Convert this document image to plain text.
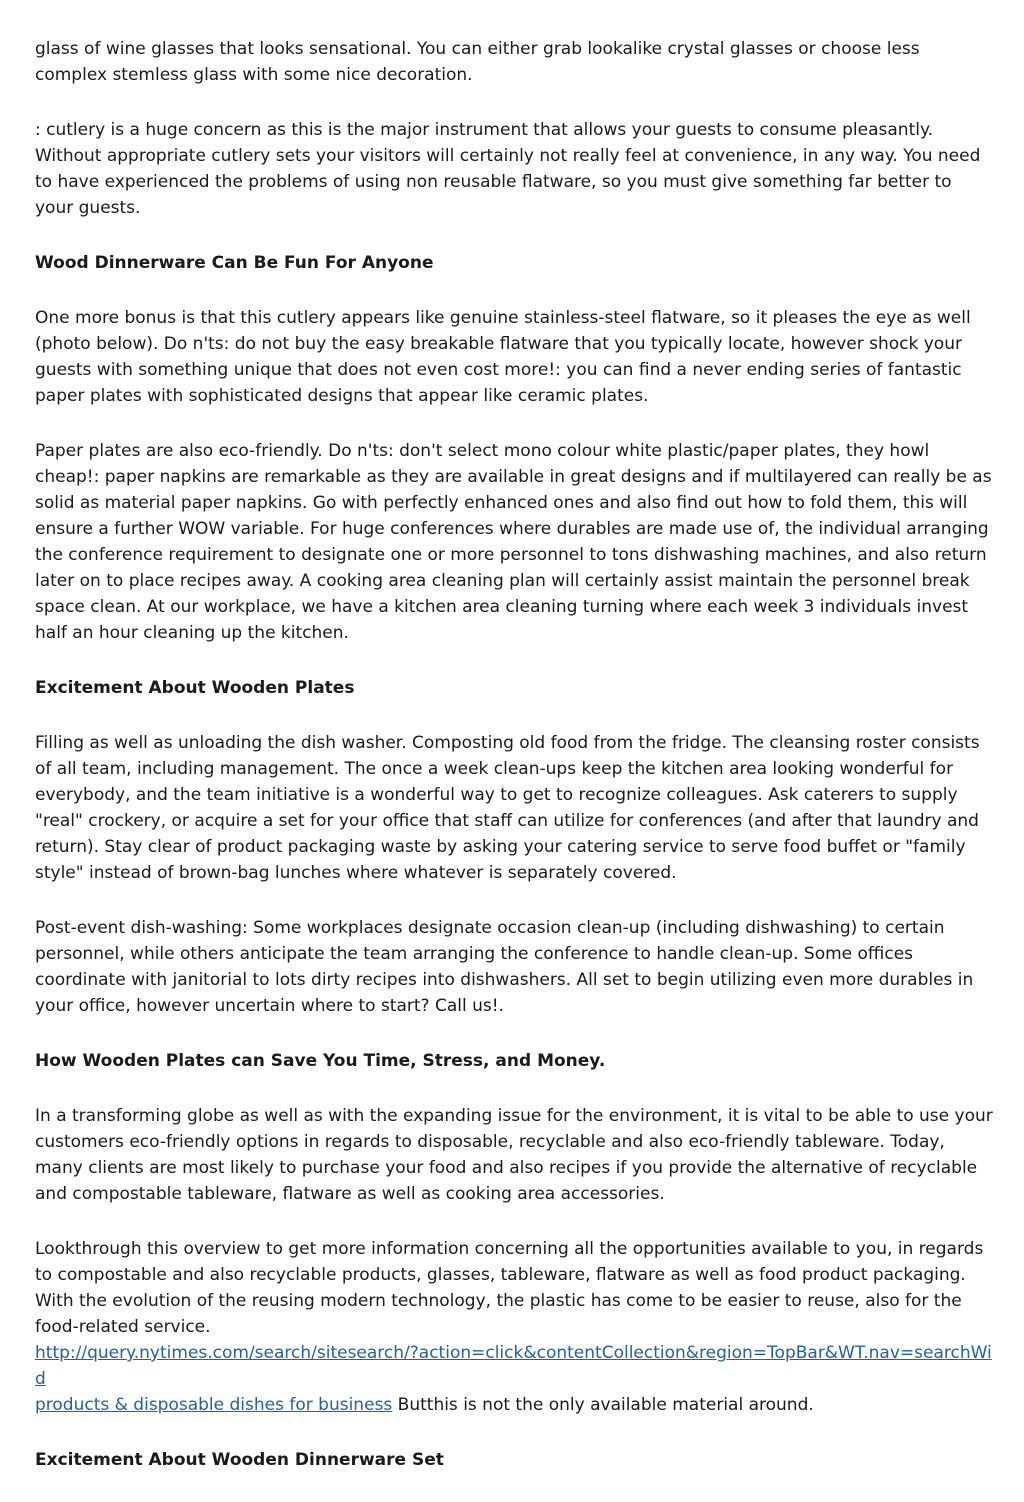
glass of wine glasses that looks sensational. You can either grab lookalike crystal glasses or choose less complex stemless glass with some nice decoration.

: cutlery is a huge concern as this is the major instrument that allows your guests to consume pleasantly. Without appropriate cutlery sets your visitors will certainly not really feel at convenience, in any way. You need to have experienced the problems of using non reusable flatware, so you must give something far better to your guests.

Wood Dinnerware Can Be Fun For Anyone

One more bonus is that this cutlery appears like genuine stainless-steel flatware, so it pleases the eye as well (photo below). Do n'ts: do not buy the easy breakable flatware that you typically locate, however shock your guests with something unique that does not even cost more!: you can find a never ending series of fantastic paper plates with sophisticated designs that appear like ceramic plates.

Paper plates are also eco-friendly. Do n'ts: don't select mono colour white plastic/paper plates, they howl cheap!: paper napkins are remarkable as they are available in great designs and if multilayered can really be as solid as material paper napkins. Go with perfectly enhanced ones and also find out how to fold them, this will ensure a further WOW variable. For huge conferences where durables are made use of, the individual arranging the conference requirement to designate one or more personnel to tons dishwashing machines, and also return later on to place recipes away. A cooking area cleaning plan will certainly assist maintain the personnel break space clean. At our workplace, we have a kitchen area cleaning turning where each week 3 individuals invest half an hour cleaning up the kitchen.

Excitement About Wooden Plates

Filling as well as unloading the dish washer. Composting old food from the fridge. The cleansing roster consists of all team, including management. The once a week clean-ups keep the kitchen area looking wonderful for everybody, and the team initiative is a wonderful way to get to recognize colleagues. Ask caterers to supply "real" crockery, or acquire a set for your office that staff can utilize for conferences (and after that laundry and return). Stay clear of product packaging waste by asking your catering service to serve food buffet or "family style" instead of brown-bag lunches where whatever is separately covered.

Post-event dish-washing: Some workplaces designate occasion clean-up (including dishwashing) to certain personnel, while others anticipate the team arranging the conference to handle clean-up. Some offices coordinate with janitorial to lots dirty recipes into dishwashers. All set to begin utilizing even more durables in your office, however uncertain where to start? Call us!.

How Wooden Plates can Save You Time, Stress, and Money.

In a transforming globe as well as with the expanding issue for the environment, it is vital to be able to use your customers eco-friendly options in regards to disposable, recyclable and also eco-friendly tableware. Today, many clients are most likely to purchase your food and also recipes if you provide the alternative of recyclable and compostable tableware, flatware as well as cooking area accessories.

Lookthrough this overview to get more information concerning all the opportunities available to you, in regards to compostable and also recyclable products, glasses, tableware, flatware as well as food product packaging. With the evolution of the reusing modern technology, the plastic has come to be easier to reuse, also for the food-related service.
http://query.nytimes.com/search/sitesearch/?action=click&contentCollection&region=TopBar&WT.nav=searchWid
products & disposable dishes for business Butthis is not the only available material around.

Excitement About Wooden Dinnerware Set
